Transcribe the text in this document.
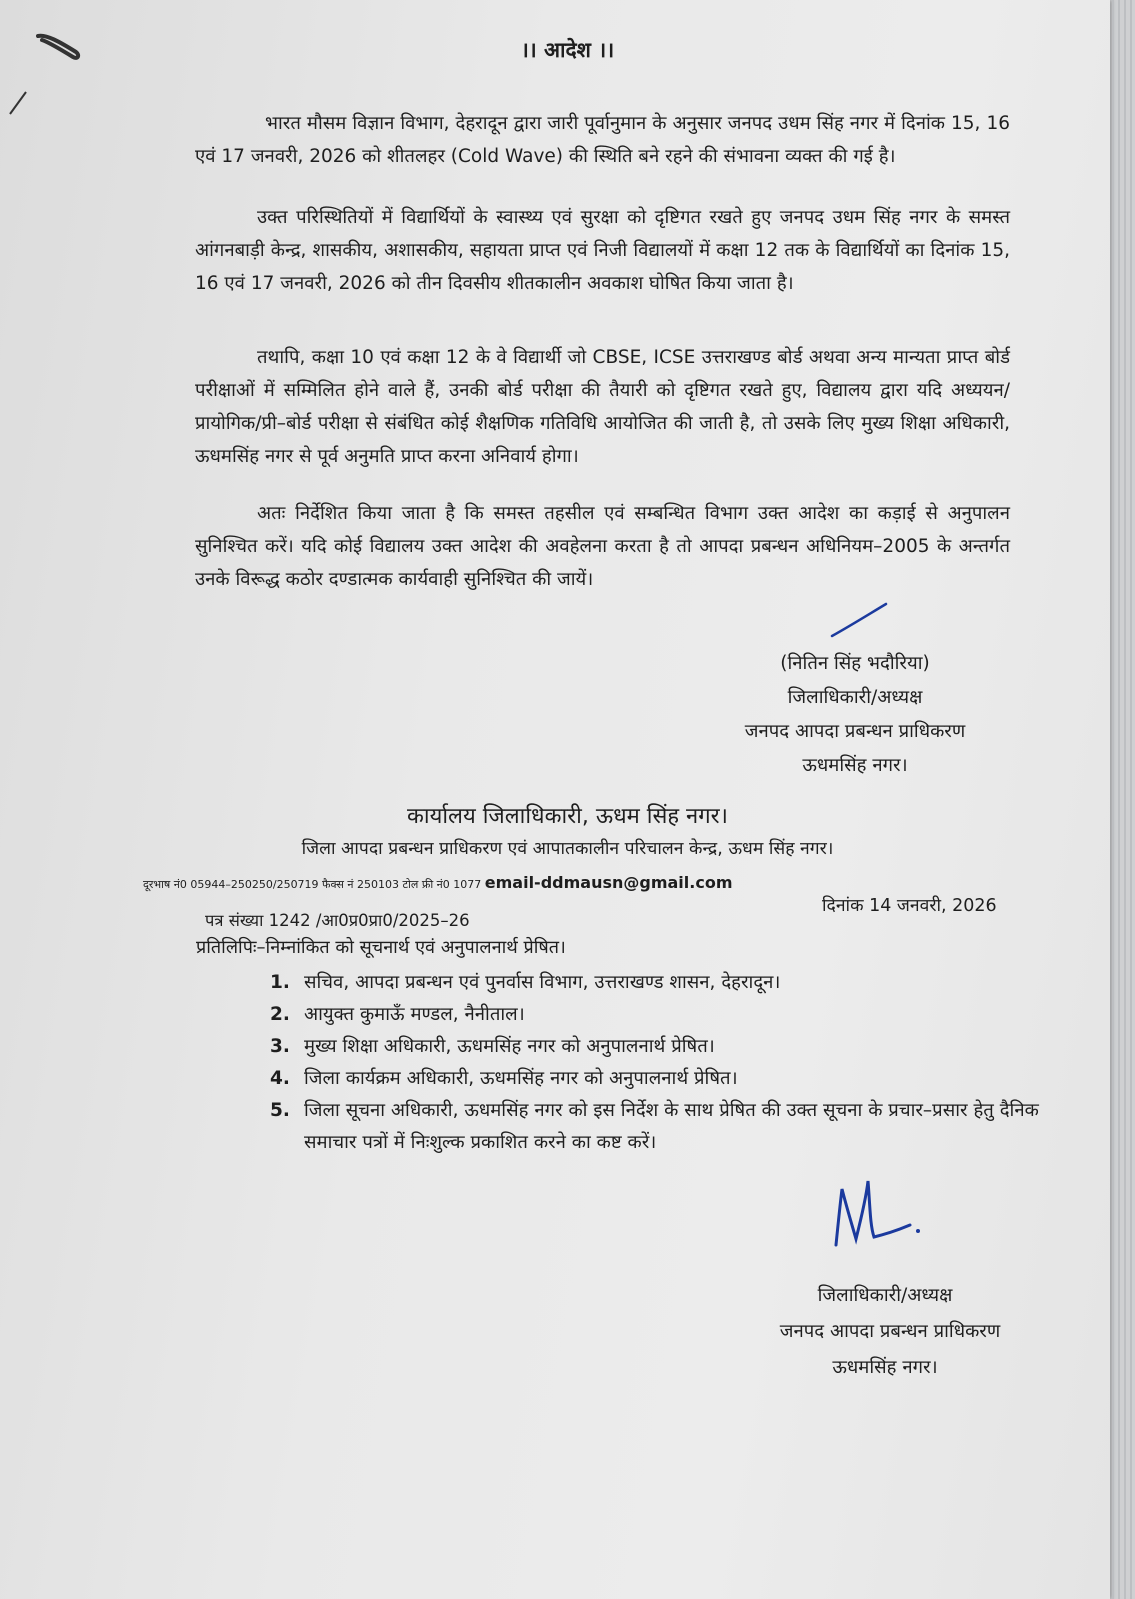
।। आदेश ।।

भारत मौसम विज्ञान विभाग, देहरादून द्वारा जारी पूर्वानुमान के अनुसार जनपद उधम सिंह नगर में दिनांक 15, 16 एवं 17 जनवरी, 2026 को शीतलहर (Cold Wave) की स्थिति बने रहने की संभावना व्यक्त की गई है।

उक्त परिस्थितियों में विद्यार्थियों के स्वास्थ्य एवं सुरक्षा को दृष्टिगत रखते हुए जनपद उधम सिंह नगर के समस्त आंगनबाड़ी केन्द्र, शासकीय, अशासकीय, सहायता प्राप्त एवं निजी विद्यालयों में कक्षा 12 तक के विद्यार्थियों का दिनांक 15, 16 एवं 17 जनवरी, 2026 को तीन दिवसीय शीतकालीन अवकाश घोषित किया जाता है।

तथापि, कक्षा 10 एवं कक्षा 12 के वे विद्यार्थी जो CBSE, ICSE उत्तराखण्ड बोर्ड अथवा अन्य मान्यता प्राप्त बोर्ड परीक्षाओं में सम्मिलित होने वाले हैं, उनकी बोर्ड परीक्षा की तैयारी को दृष्टिगत रखते हुए, विद्यालय द्वारा यदि अध्ययन/प्रायोगिक/प्री–बोर्ड परीक्षा से संबंधित कोई शैक्षणिक गतिविधि आयोजित की जाती है, तो उसके लिए मुख्य शिक्षा अधिकारी, ऊधमसिंह नगर से पूर्व अनुमति प्राप्त करना अनिवार्य होगा।

अतः निर्देशित किया जाता है कि समस्त तहसील एवं सम्बन्धित विभाग उक्त आदेश का कड़ाई से अनुपालन सुनिश्चित करें। यदि कोई विद्यालय उक्त आदेश की अवहेलना करता है तो आपदा प्रबन्धन अधिनियम–2005 के अन्तर्गत उनके विरूद्ध कठोर दण्डात्मक कार्यवाही सुनिश्चित की जायें।

(नितिन सिंह भदौरिया)
जिलाधिकारी/अध्यक्ष
जनपद आपदा प्रबन्धन प्राधिकरण
ऊधमसिंह नगर।
कार्यालय जिलाधिकारी, ऊधम सिंह नगर।
जिला आपदा प्रबन्धन प्राधिकरण एवं आपातकालीन परिचालन केन्द्र, ऊधम सिंह नगर।
दूरभाष नं0 05944–250250/250719 फैक्स नं 250103 टोल फ्री नं0 1077 email-ddmausn@gmail.com
पत्र संख्या 1242 /आ0प्र0प्रा0/2025–26
दिनांक 14 जनवरी, 2026
प्रतिलिपिः–निम्नांकित को सूचनार्थ एवं अनुपालनार्थ प्रेषित।
1. सचिव, आपदा प्रबन्धन एवं पुनर्वास विभाग, उत्तराखण्ड शासन, देहरादून।
2. आयुक्त कुमाऊँ मण्डल, नैनीताल।
3. मुख्य शिक्षा अधिकारी, ऊधमसिंह नगर को अनुपालनार्थ प्रेषित।
4. जिला कार्यक्रम अधिकारी, ऊधमसिंह नगर को अनुपालनार्थ प्रेषित।
5. जिला सूचना अधिकारी, ऊधमसिंह नगर को इस निर्देश के साथ प्रेषित की उक्त सूचना के प्रचार–प्रसार हेतु दैनिक समाचार पत्रों में निःशुल्क प्रकाशित करने का कष्ट करें।
जिलाधिकारी/अध्यक्ष
जनपद आपदा प्रबन्धन प्राधिकरण
ऊधमसिंह नगर।
